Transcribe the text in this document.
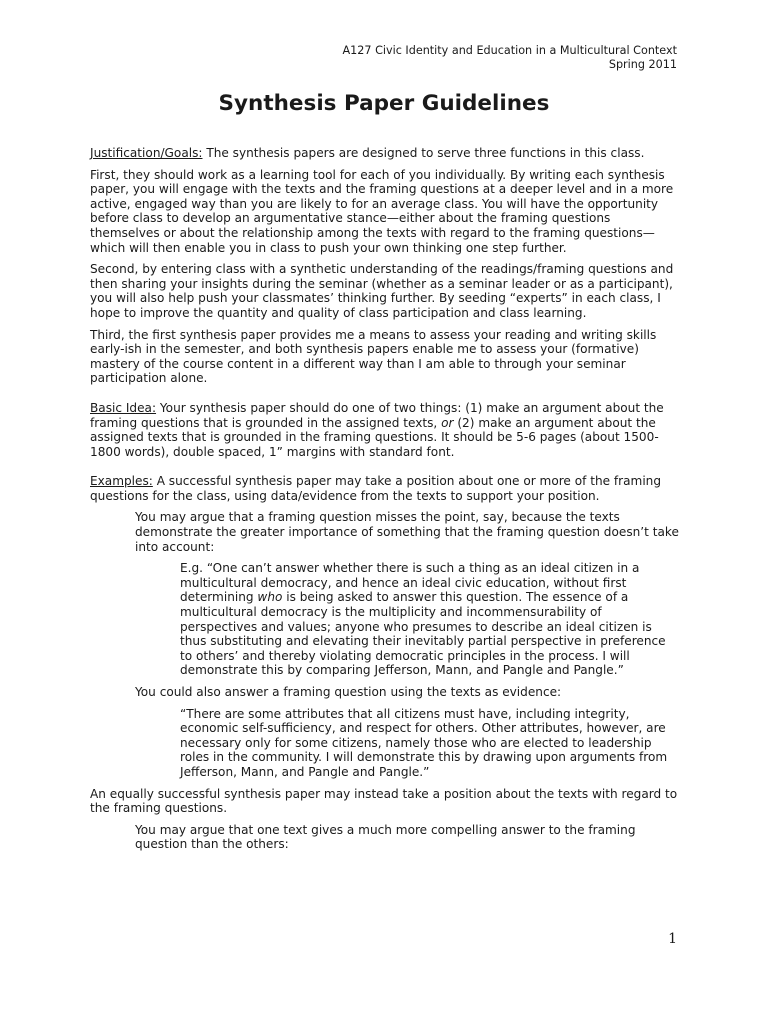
A127 Civic Identity and Education in a Multicultural Context
Spring 2011
Synthesis Paper Guidelines

Justification/Goals: The synthesis papers are designed to serve three functions in this class.

First, they should work as a learning tool for each of you individually. By writing each synthesis paper, you will engage with the texts and the framing questions at a deeper level and in a more active, engaged way than you are likely to for an average class. You will have the opportunity before class to develop an argumentative stance—either about the framing questions themselves or about the relationship among the texts with regard to the framing questions—which will then enable you in class to push your own thinking one step further.

Second, by entering class with a synthetic understanding of the readings/framing questions and then sharing your insights during the seminar (whether as a seminar leader or as a participant), you will also help push your classmates’ thinking further. By seeding “experts” in each class, I hope to improve the quantity and quality of class participation and class learning.

Third, the first synthesis paper provides me a means to assess your reading and writing skills early-ish in the semester, and both synthesis papers enable me to assess your (formative) mastery of the course content in a different way than I am able to through your seminar participation alone.

Basic Idea: Your synthesis paper should do one of two things: (1) make an argument about the framing questions that is grounded in the assigned texts, or (2) make an argument about the assigned texts that is grounded in the framing questions. It should be 5-6 pages (about 1500-1800 words), double spaced, 1” margins with standard font.

Examples: A successful synthesis paper may take a position about one or more of the framing questions for the class, using data/evidence from the texts to support your position.

You may argue that a framing question misses the point, say, because the texts demonstrate the greater importance of something that the framing question doesn’t take into account:

E.g. “One can’t answer whether there is such a thing as an ideal citizen in a multicultural democracy, and hence an ideal civic education, without first determining who is being asked to answer this question. The essence of a multicultural democracy is the multiplicity and incommensurability of perspectives and values; anyone who presumes to describe an ideal citizen is thus substituting and elevating their inevitably partial perspective in preference to others’ and thereby violating democratic principles in the process. I will demonstrate this by comparing Jefferson, Mann, and Pangle and Pangle.”

You could also answer a framing question using the texts as evidence:

“There are some attributes that all citizens must have, including integrity, economic self-sufficiency, and respect for others. Other attributes, however, are necessary only for some citizens, namely those who are elected to leadership roles in the community. I will demonstrate this by drawing upon arguments from Jefferson, Mann, and Pangle and Pangle.”

An equally successful synthesis paper may instead take a position about the texts with regard to the framing questions.

You may argue that one text gives a much more compelling answer to the framing question than the others:

1
